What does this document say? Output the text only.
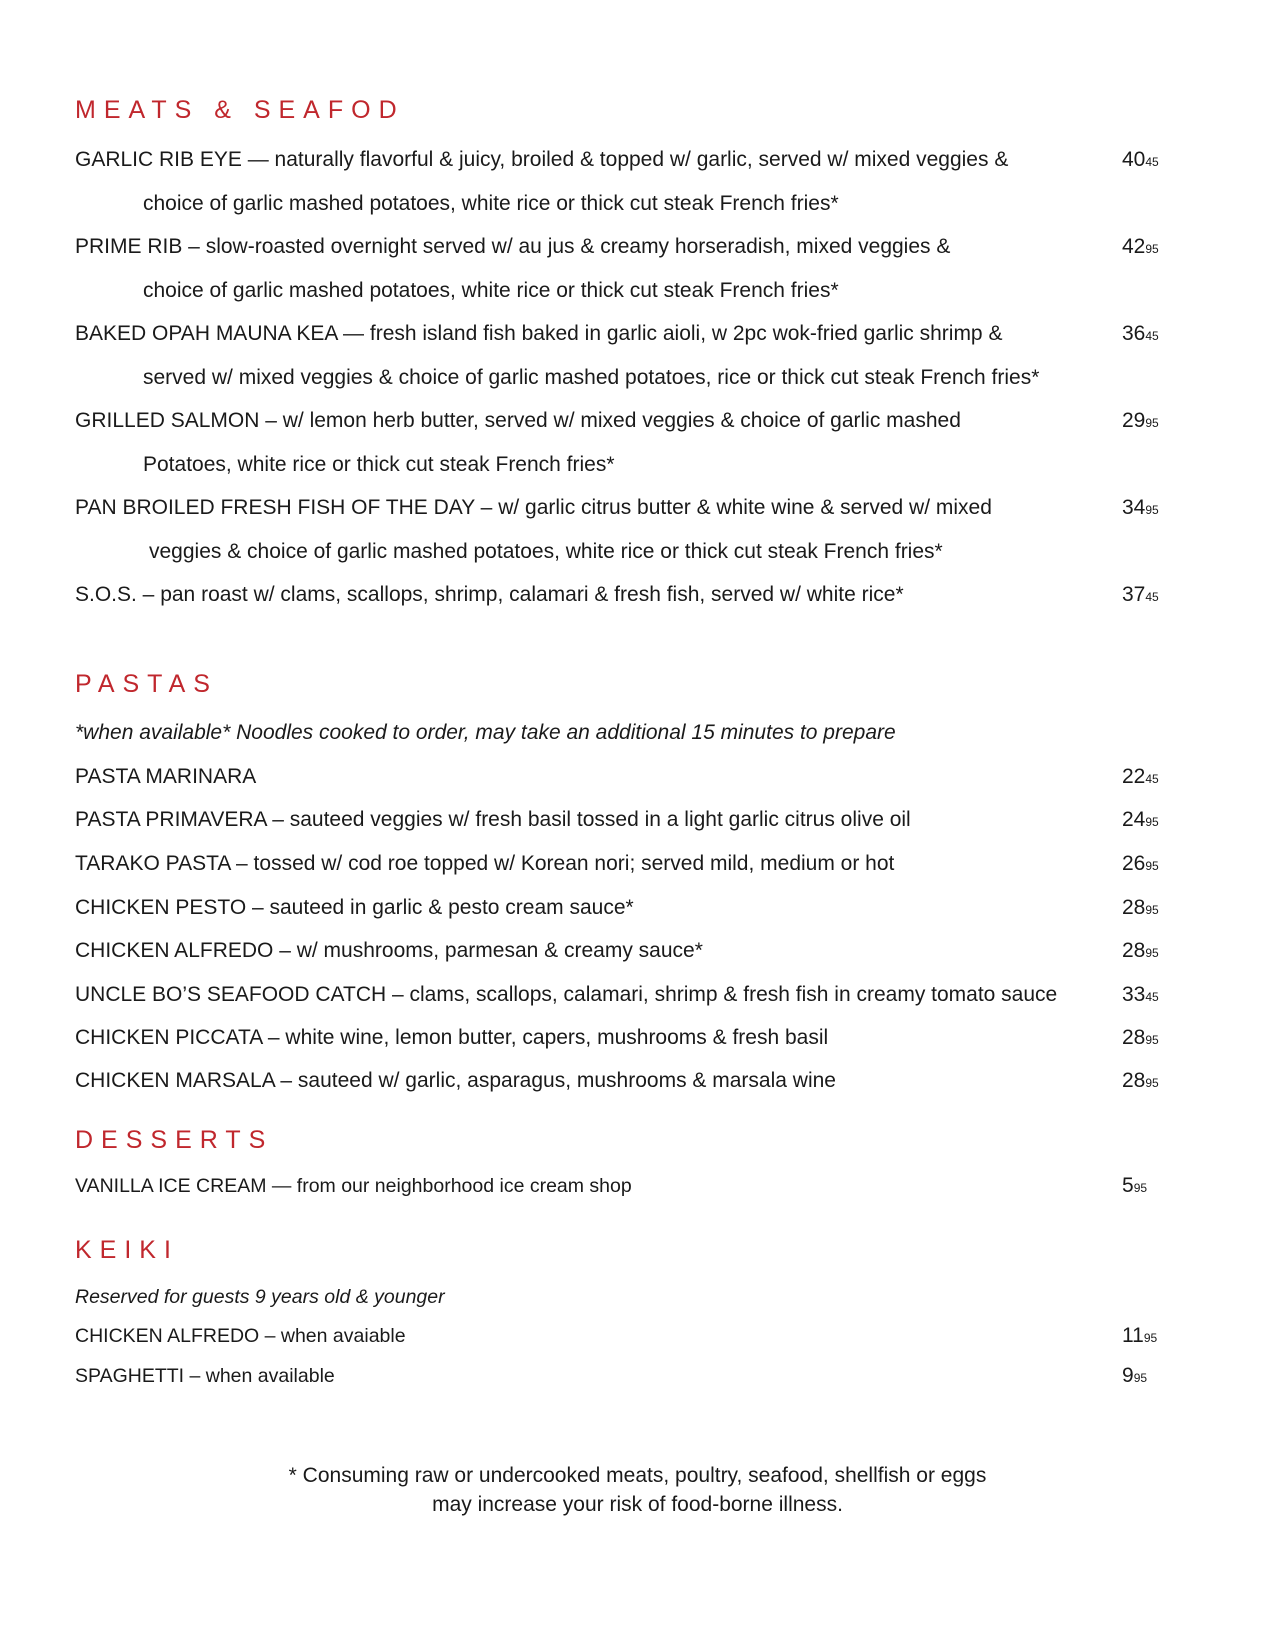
MEATS & SEAFOD
GARLIC RIB EYE — naturally flavorful & juicy, broiled & topped w/ garlic, served w/ mixed veggies &	4045
choice of garlic mashed potatoes, white rice or thick cut steak French fries*
PRIME RIB – slow-roasted overnight served w/ au jus & creamy horseradish, mixed veggies &	4295
choice of garlic mashed potatoes, white rice or thick cut steak French fries*
BAKED OPAH MAUNA KEA — fresh island fish baked in garlic aioli, w 2pc wok-fried garlic shrimp &	3645
served w/ mixed veggies & choice of garlic mashed potatoes, rice or thick cut steak French fries*
GRILLED SALMON – w/ lemon herb butter, served w/ mixed veggies & choice of garlic mashed	2995
Potatoes, white rice or thick cut steak French fries*
PAN BROILED FRESH FISH OF THE DAY – w/ garlic citrus butter & white wine & served w/ mixed	3495
veggies & choice of garlic mashed potatoes, white rice or thick cut steak French fries*
S.O.S. – pan roast w/ clams, scallops, shrimp, calamari & fresh fish, served w/ white rice*	3745
PASTAS
*when available* Noodles cooked to order, may take an additional 15 minutes to prepare
PASTA MARINARA	2245
PASTA PRIMAVERA – sauteed veggies w/ fresh basil tossed in a light garlic citrus olive oil	2495
TARAKO PASTA – tossed w/ cod roe topped w/ Korean nori; served mild, medium or hot	2695
CHICKEN PESTO – sauteed in garlic & pesto cream sauce*	2895
CHICKEN ALFREDO – w/ mushrooms, parmesan & creamy sauce*	2895
UNCLE BO’S SEAFOOD CATCH – clams, scallops, calamari, shrimp & fresh fish in creamy tomato sauce	3345
CHICKEN PICCATA – white wine, lemon butter, capers, mushrooms & fresh basil	2895
CHICKEN MARSALA – sauteed w/ garlic, asparagus, mushrooms & marsala wine	2895
DESSERTS
VANILLA ICE CREAM — from our neighborhood ice cream shop	595
KEIKI
Reserved for guests 9 years old & younger
CHICKEN ALFREDO – when avaiable	1195
SPAGHETTI – when available	995
* Consuming raw or undercooked meats, poultry, seafood, shellfish or eggs
may increase your risk of food-borne illness.
